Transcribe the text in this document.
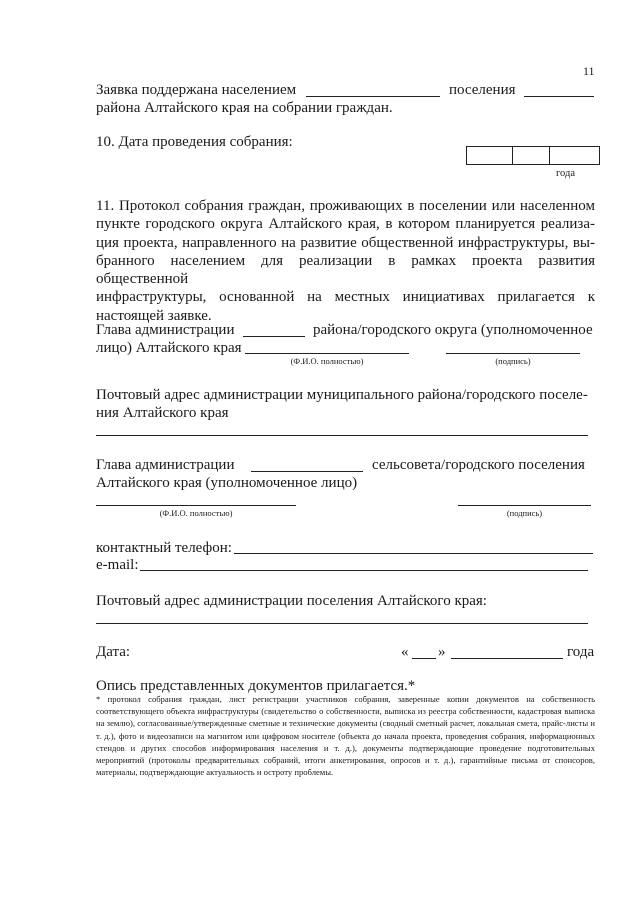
11
Заявка поддержана населением	поселения
района Алтайского края на собрании граждан.
10. Дата проведения собрания:
года
11. Протокол собрания граждан, проживающих в поселении или населенном
пункте городского округа Алтайского края, в котором планируется реализа-
ция проекта, направленного на развитие общественной инфраструктуры, вы-
бранного населением для реализации в рамках проекта развития общественной
инфраструктуры, основанной на местных инициативах прилагается к
настоящей заявке.
Глава администрации	района/городского округа (уполномоченное
лицо) Алтайского края
(Ф.И.О. полностью)	(подпись)
Почтовый адрес администрации муниципального района/городского поселе-
ния Алтайского края
Глава администрации	сельсовета/городского поселения
Алтайского края (уполномоченное лицо)
(Ф.И.О. полностью)	(подпись)
контактный телефон:
e-mail:
Почтовый адрес администрации поселения Алтайского края:
Дата:	« »	года
Опись представленных документов прилагается.*
* протокол собрания граждан, лист регистрации участников собрания, заверенные копии документов на собственность соответствующего объекта инфраструктуры (свидетельство о собственности, выписка из реестра собственности, кадастровая выписка на землю), согласованные/утвержденные сметные и технические документы (сводный сметный расчет, локальная смета, прайс-листы и т. д.), фото и видеозаписи на магнитом или цифровом носителе (объекта до начала проекта, проведения собрания, информационных стендов и других способов информирования населения и т. д.), документы подтверждающие проведение подготовительных мероприятий (протоколы предварительных собраний, итоги анкетирования, опросов и т. д.), гарантийные письма от спонсоров, материалы, подтверждающие актуальность и остроту проблемы.
